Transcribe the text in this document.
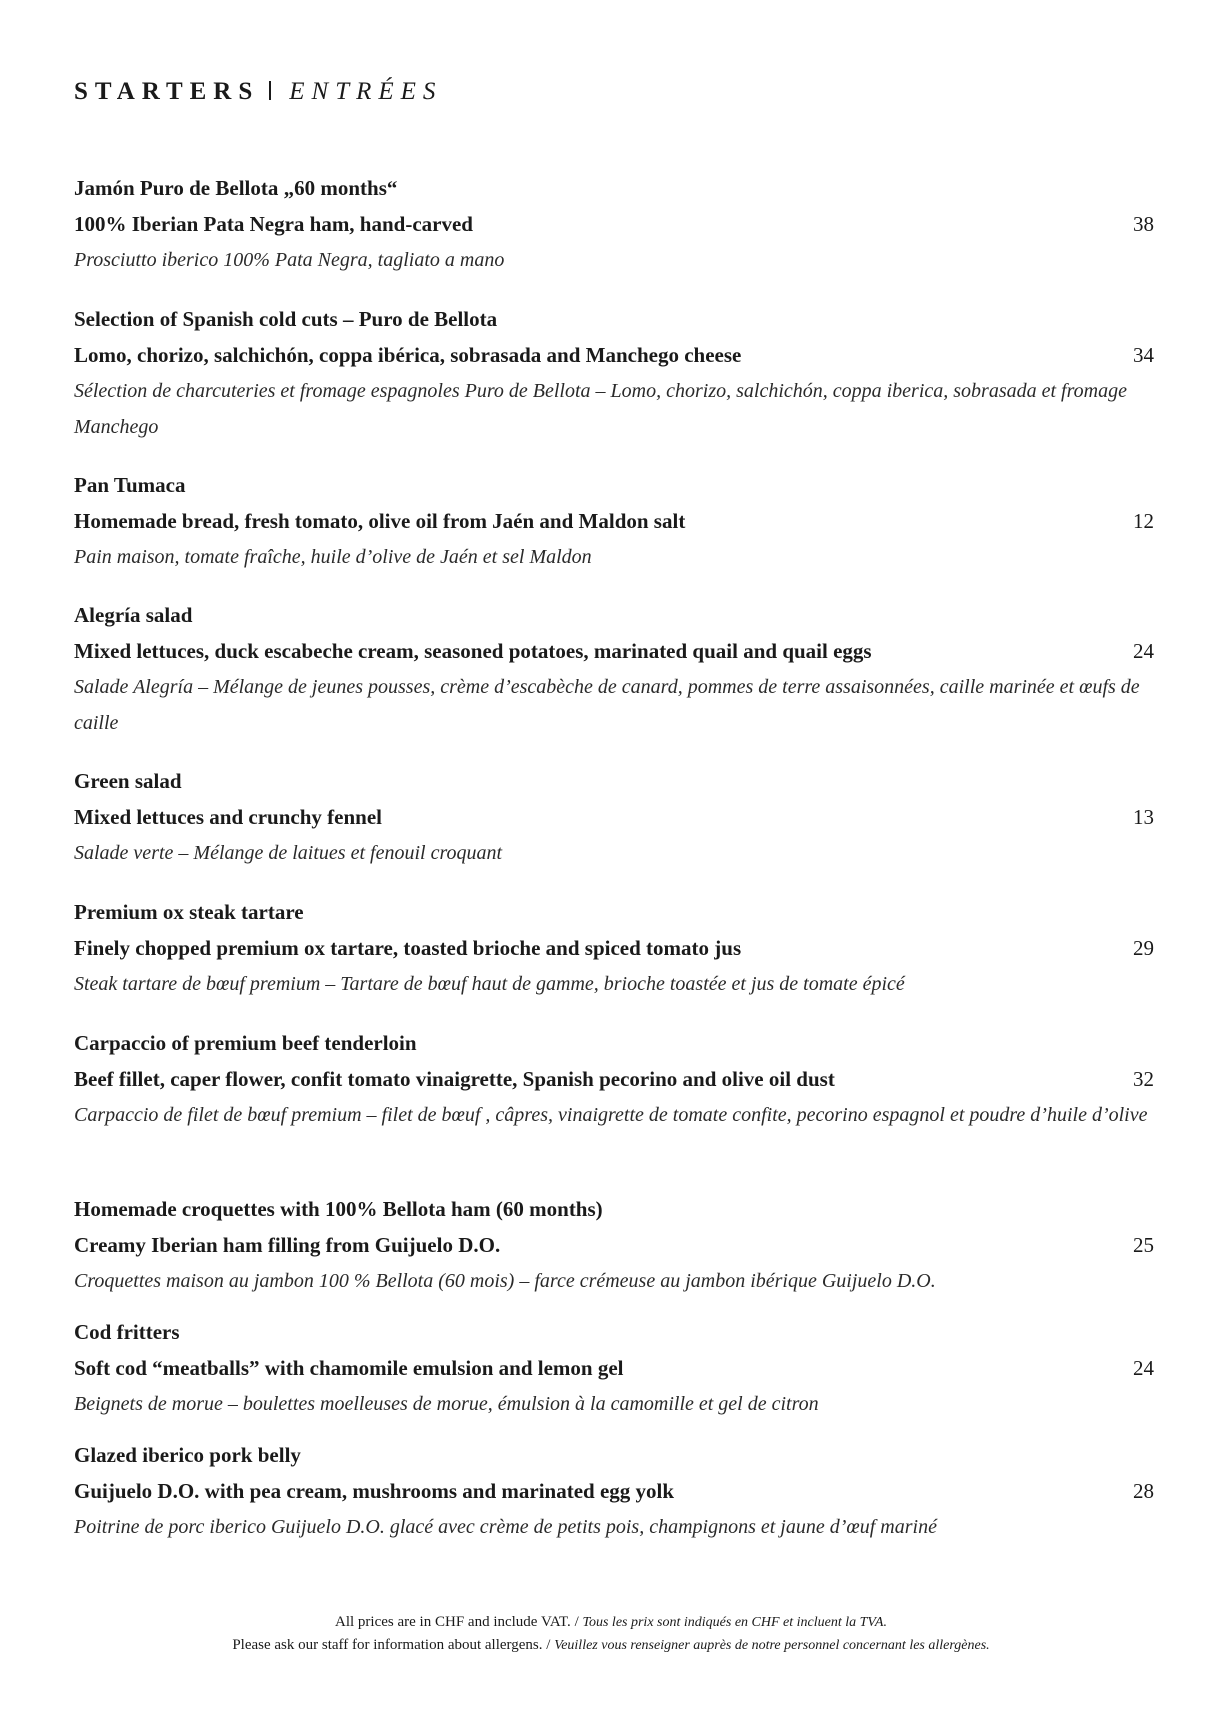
STARTERS ENTRÉES
Jamón Puro de Bellota „60 months“
100% Iberian Pata Negra ham, hand-carved	38
Prosciutto iberico 100% Pata Negra, tagliato a mano
Selection of Spanish cold cuts – Puro de Bellota
Lomo, chorizo, salchichón, coppa ibérica, sobrasada and Manchego cheese	34
Sélection de charcuteries et fromage espagnoles Puro de Bellota – Lomo, chorizo, salchichón, coppa iberica, sobrasada et fromage Manchego
Pan Tumaca
Homemade bread, fresh tomato, olive oil from Jaén and Maldon salt	12
Pain maison, tomate fraîche, huile d’olive de Jaén et sel Maldon
Alegría salad
Mixed lettuces, duck escabeche cream, seasoned potatoes, marinated quail and quail eggs	24
Salade Alegría – Mélange de jeunes pousses, crème d’escabèche de canard, pommes de terre assaisonnées, caille marinée et œufs de caille
Green salad
Mixed lettuces and crunchy fennel	13
Salade verte – Mélange de laitues et fenouil croquant
Premium ox steak tartare
Finely chopped premium ox tartare, toasted brioche and spiced tomato jus	29
Steak tartare de bœuf premium – Tartare de bœuf haut de gamme, brioche toastée et jus de tomate épicé
Carpaccio of premium beef tenderloin
Beef fillet, caper flower, confit tomato vinaigrette, Spanish pecorino and olive oil dust	32
Carpaccio de filet de bœuf premium – filet de bœuf , câpres, vinaigrette de tomate confite, pecorino espagnol et poudre d’huile d’olive
Homemade croquettes with 100% Bellota ham (60 months)
Creamy Iberian ham filling from Guijuelo D.O.	25
Croquettes maison au jambon 100 % Bellota (60 mois) – farce crémeuse au jambon ibérique Guijuelo D.O.
Cod fritters
Soft cod “meatballs” with chamomile emulsion and lemon gel	24
Beignets de morue – boulettes moelleuses de morue, émulsion à la camomille et gel de citron
Glazed iberico pork belly
Guijuelo D.O. with pea cream, mushrooms and marinated egg yolk	28
Poitrine de porc iberico Guijuelo D.O. glacé avec crème de petits pois, champignons et jaune d’œuf mariné
All prices are in CHF and include VAT. / Tous les prix sont indiqués en CHF et incluent la TVA.
Please ask our staff for information about allergens. / Veuillez vous renseigner auprès de notre personnel concernant les allergènes.
